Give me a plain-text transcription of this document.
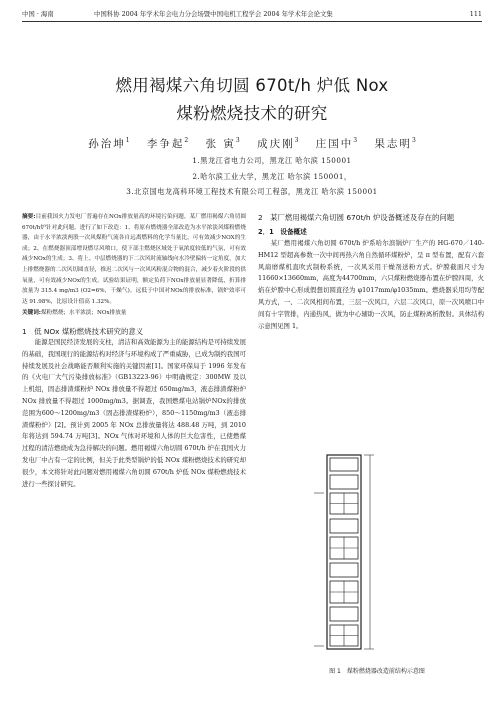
中国 · 海南	中国科协 2004 年学术年会电力分会场暨中国电机工程学会 2004 年学术年会论文集	111
燃用褐煤六角切圆 670t/h 炉低 Nox
煤粉燃烧技术的研究
孙治坤$^1$ 李争起$^2$ 张 寅$^3$ 成庆刚$^3$ 庄国中$^3$ 果志明$^3$
1.黑龙江省电力公司，黑龙江 哈尔滨 150001
2.哈尔滨工业大学，黑龙江 哈尔滨 150001，
3.北京国电龙高科环境工程技术有限公司工程部，黑龙江 哈尔滨 150001

摘要:目前我国火力发电厂普遍存在NOx排放量高的环境污染问题。某厂燃用褐煤六角切圆 670t/h炉针对此问题，进行了如下改造：1、将原有燃烧器全部改造为水平浓淡风煤粉燃烧器，由于水平浓淡两股一次风煤粉气流各自远离燃料的化学当量比，可有效减少NOX的生成；2、在燃烧器顶部增设燃尽风喷口，使下部主燃烧区域处于氧浓度较低的气氛，可有效减少NOx的生成；3、将上、中层燃烧器的下二次风时流轴线向水冷壁偏转一定角度，加大上排燃烧器的二次风切圆直径，推迟二次风与一次风风粉混合物的混合，减少着火阶段的供氧量，可有效减少NOx的生成。试验结果证明，额定负荷下NOx排放量显著降低，折算排放量为 315.4 mg/m3 (O2=6%，干燥气)。远低于中国对NOx的排放标准，锅炉效率可达 91.98%，比原设计值高 1.32%。

关键词:煤粉燃烧；水平浓淡；NOx排放量

1　低 NOx 煤粉燃烧技术研究的意义

能源是国民经济发展的支柱，清洁和高效能源为主的能源结构是可持续发展的基础，我国现行的能源结构对经济与环境构成了严重威胁，已成为制约我国可持续发展及社会战略能否顺利实施的关键因素[1]。国家环保局于 1996 年发布的《火电厂大气污染排放标准》（GB13223-96）中明确规定：300MW 及以上机组，固态排渣煤粉炉 NOx 排放量不得超过 650mg/m3，液态排渣煤粉炉 NOx 排放量不得超过 1000mg/m3。据调查，我国燃煤电站锅炉NOx的排放范围为600～1200mg/m3（固态排渣煤粉炉），850～1150mg/m3（液态排渣煤粉炉）[2]。预计到 2005 年 NOx 总排放量将达 488.48 万吨，到 2010 年将达到 594.74 万吨[3]。NOx 气体对环境和人体的巨大危害性，已使燃煤过程的清洁燃烧成为急待解决的问题。燃用褐煤六角切圆 670t/h 炉在我国火力发电厂中占有一定的比例，但关于此类型锅炉的低 NOx 煤粉燃烧技术的研究却很少，本文将针对此问题对燃用褐煤六角切圆 670t/h 炉低 NOx 煤粉燃烧技术进行一些探讨研究。

2　某厂燃用褐煤六角切圆 670t/h 炉设备概述及存在的问题
2．1　设备概述

某厂燃用褐煤六角切圆 670t/h 炉系哈尔滨锅炉厂生产的 HG-670／140-HM12 型超高参数一次中间再热六角自然循环煤粉炉，呈 π 型布置，配有六套风扇磨煤机直吹式制粉系统，一次风采用干燥剂送粉方式。炉膛截面尺寸为 11660×13660mm，高度为44700mm，六只煤粉燃烧器布置在炉膛四周，火焰在炉膛中心形成假想切圆直径为 φ1017mm/φ1035mm。燃烧器采用均等配风方式，一、二次风相间布置，三层一次风口，六层二次风口，原一次风喷口中间有十字管排，内通热风，做为中心辅助一次风，防止煤粉离析散射。具体结构示意图见图 1。

图 1　煤粉燃烧器改造前结构示意图
